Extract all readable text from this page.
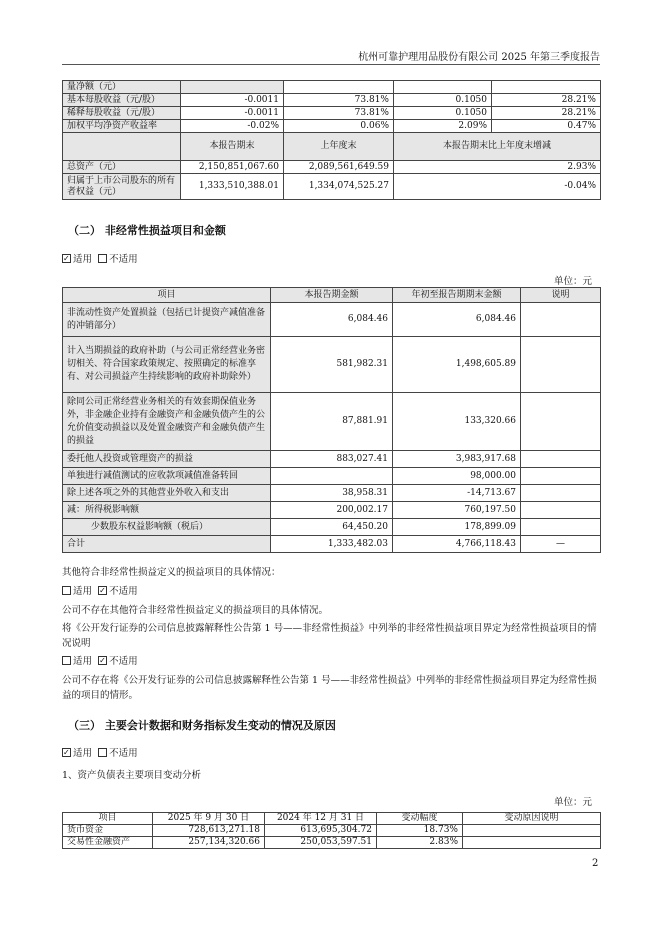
杭州可靠护理用品股份有限公司 2025 年第三季度报告
量净额（元）				
基本每股收益（元/股）	-0.0011	73.81%	0.1050	28.21%
稀释每股收益（元/股）	-0.0011	73.81%	0.1050	28.21%
加权平均净资产收益率	-0.02%	0.06%	2.09%	0.47%
	本报告期末	上年度末	本报告期末比上年度末增减	
总资产（元）	2,150,851,067.60	2,089,561,649.59	2.93%	
归属于上市公司股东的所有者权益（元）	1,333,510,388.01	1,334,074,525.27	-0.04%	
（二） 非经常性损益项目和金额
✓适用 不适用
单位：元
项目	本报告期金额	年初至报告期期末金额	说明
非流动性资产处置损益（包括已计提资产减值准备的冲销部分）	6,084.46	6,084.46	
计入当期损益的政府补助（与公司正常经营业务密切相关、符合国家政策规定、按照确定的标准享有、对公司损益产生持续影响的政府补助除外）	581,982.31	1,498,605.89	
除同公司正常经营业务相关的有效套期保值业务外，非金融企业持有金融资产和金融负债产生的公允价值变动损益以及处置金融资产和金融负债产生的损益	87,881.91	133,320.66	
委托他人投资或管理资产的损益	883,027.41	3,983,917.68	
单独进行减值测试的应收款项减值准备转回		98,000.00	
除上述各项之外的其他营业外收入和支出	38,958.31	-14,713.67	
减：所得税影响额	200,002.17	760,197.50	
少数股东权益影响额（税后）	64,450.20	178,899.09	
合计	1,333,482.03	4,766,118.43	—
其他符合非经常性损益定义的损益项目的具体情况：
适用 ✓ 不适用
公司不存在其他符合非经常性损益定义的损益项目的具体情况。
将《公开发行证券的公司信息披露解释性公告第 1 号——非经常性损益》中列举的非经常性损益项目界定为经常性损益项目的情况说明
适用 ✓ 不适用
公司不存在将《公开发行证券的公司信息披露解释性公告第 1 号——非经常性损益》中列举的非经常性损益项目界定为经常性损益的项目的情形。
（三） 主要会计数据和财务指标发生变动的情况及原因
✓适用 不适用
1、资产负债表主要项目变动分析
单位：元
项目	2025 年 9 月 30 日	2024 年 12 月 31 日	变动幅度	变动原因说明
货币资金	728,613,271.18	613,695,304.72	18.73%	
交易性金融资产	257,134,320.66	250,053,597.51	2.83%	
2
